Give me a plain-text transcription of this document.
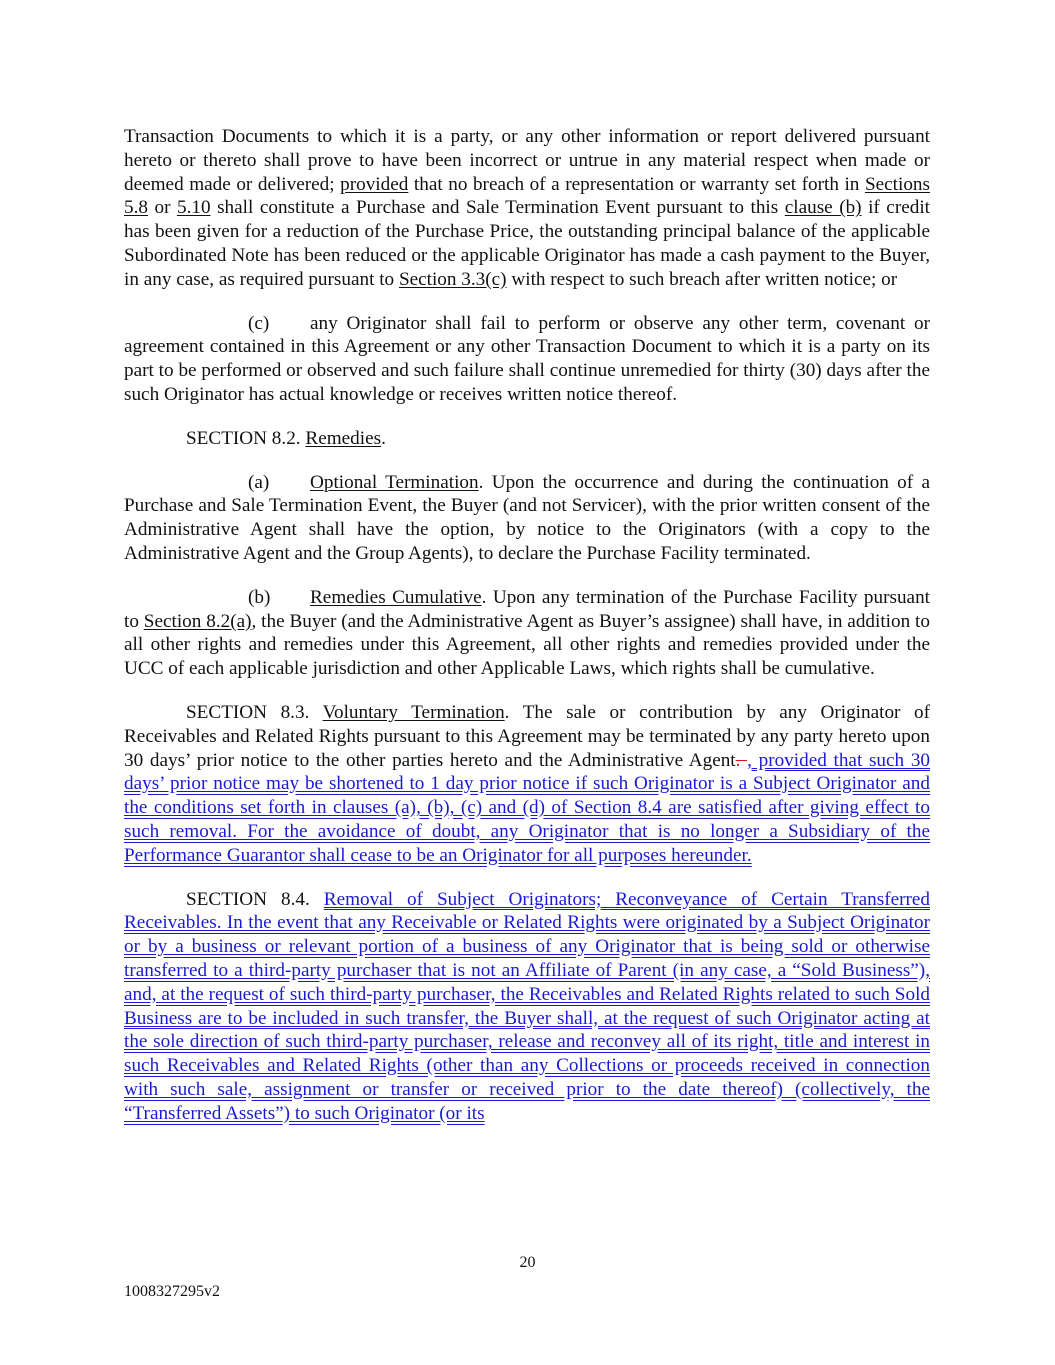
Transaction Documents to which it is a party, or any other information or report delivered pursuant hereto or thereto shall prove to have been incorrect or untrue in any material respect when made or deemed made or delivered; provided that no breach of a representation or warranty set forth in Sections 5.8 or 5.10 shall constitute a Purchase and Sale Termination Event pursuant to this clause (b) if credit has been given for a reduction of the Purchase Price, the outstanding principal balance of the applicable Subordinated Note has been reduced or the applicable Originator has made a cash payment to the Buyer, in any case, as required pursuant to Section 3.3(c) with respect to such breach after written notice; or

(c) any Originator shall fail to perform or observe any other term, covenant or agreement contained in this Agreement or any other Transaction Document to which it is a party on its part to be performed or observed and such failure shall continue unremedied for thirty (30) days after the such Originator has actual knowledge or receives written notice thereof.

SECTION 8.2. Remedies.

(a) Optional Termination. Upon the occurrence and during the continuation of a Purchase and Sale Termination Event, the Buyer (and not Servicer), with the prior written consent of the Administrative Agent shall have the option, by notice to the Originators (with a copy to the Administrative Agent and the Group Agents), to declare the Purchase Facility terminated.

(b) Remedies Cumulative. Upon any termination of the Purchase Facility pursuant to Section 8.2(a), the Buyer (and the Administrative Agent as Buyer’s assignee) shall have, in addition to all other rights and remedies under this Agreement, all other rights and remedies provided under the UCC of each applicable jurisdiction and other Applicable Laws, which rights shall be cumulative.

SECTION 8.3. Voluntary Termination. The sale or contribution by any Originator of Receivables and Related Rights pursuant to this Agreement may be terminated by any party hereto upon 30 days’ prior notice to the other parties hereto and the Administrative Agent. , provided that such 30 days’ prior notice may be shortened to 1 day prior notice if such Originator is a Subject Originator and the conditions set forth in clauses (a), (b), (c) and (d) of Section 8.4 are satisfied after giving effect to such removal. For the avoidance of doubt, any Originator that is no longer a Subsidiary of the Performance Guarantor shall cease to be an Originator for all purposes hereunder.

SECTION 8.4. Removal of Subject Originators; Reconveyance of Certain Transferred Receivables. In the event that any Receivable or Related Rights were originated by a Subject Originator or by a business or relevant portion of a business of any Originator that is being sold or otherwise transferred to a third-party purchaser that is not an Affiliate of Parent (in any case, a “Sold Business”), and, at the request of such third-party purchaser, the Receivables and Related Rights related to such Sold Business are to be included in such transfer, the Buyer shall, at the request of such Originator acting at the sole direction of such third-party purchaser, release and reconvey all of its right, title and interest in such Receivables and Related Rights (other than any Collections or proceeds received in connection with such sale, assignment or transfer or received prior to the date thereof) (collectively, the “Transferred Assets”) to such Originator (or its

20
1008327295v2
